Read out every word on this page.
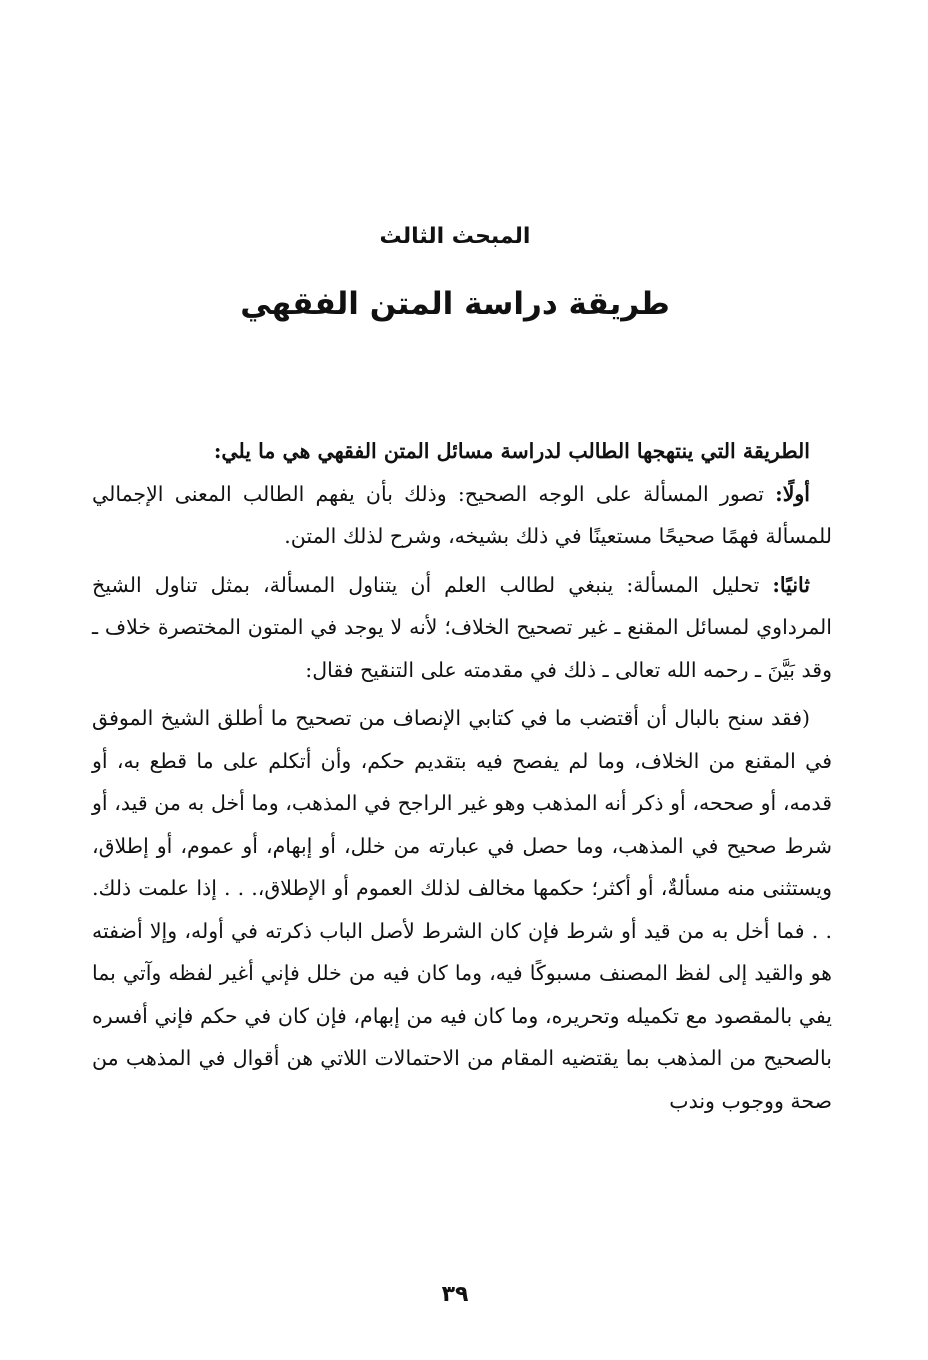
المبحث الثالث
طريقة دراسة المتن الفقهي

الطريقة التي ينتهجها الطالب لدراسة مسائل المتن الفقهي هي ما يلي:

أولًا: تصور المسألة على الوجه الصحيح: وذلك بأن يفهم الطالب المعنى الإجمالي للمسألة فهمًا صحيحًا مستعينًا في ذلك بشيخه، وشرح لذلك المتن.

ثانيًا: تحليل المسألة: ينبغي لطالب العلم أن يتناول المسألة، بمثل تناول الشيخ المرداوي لمسائل المقنع ـ غير تصحيح الخلاف؛ لأنه لا يوجد في المتون المختصرة خلاف ـ وقد بَيَّنَ ـ رحمه الله تعالى ـ ذلك في مقدمته على التنقيح فقال:

(فقد سنح بالبال أن أقتضب ما في كتابي الإنصاف من تصحيح ما أطلق الشيخ الموفق في المقنع من الخلاف، وما لم يفصح فيه بتقديم حكم، وأن أتكلم على ما قطع به، أو قدمه، أو صححه، أو ذكر أنه المذهب وهو غير الراجح في المذهب، وما أخل به من قيد، أو شرط صحيح في المذهب، وما حصل في عبارته من خلل، أو إبهام، أو عموم، أو إطلاق، ويستثنى منه مسألةٌ، أو أكثر؛ حكمها مخالف لذلك العموم أو الإطلاق،. . . إذا علمت ذلك. . . فما أخل به من قيد أو شرط فإن كان الشرط لأصل الباب ذكرته في أوله، وإلا أضفته هو والقيد إلى لفظ المصنف مسبوكًا فيه، وما كان فيه من خلل فإني أغير لفظه وآتي بما يفي بالمقصود مع تكميله وتحريره، وما كان فيه من إبهام، فإن كان في حكم فإني أفسره بالصحيح من المذهب بما يقتضيه المقام من الاحتمالات اللاتي هن أقوال في المذهب من صحة ووجوب وندب

٣٩
